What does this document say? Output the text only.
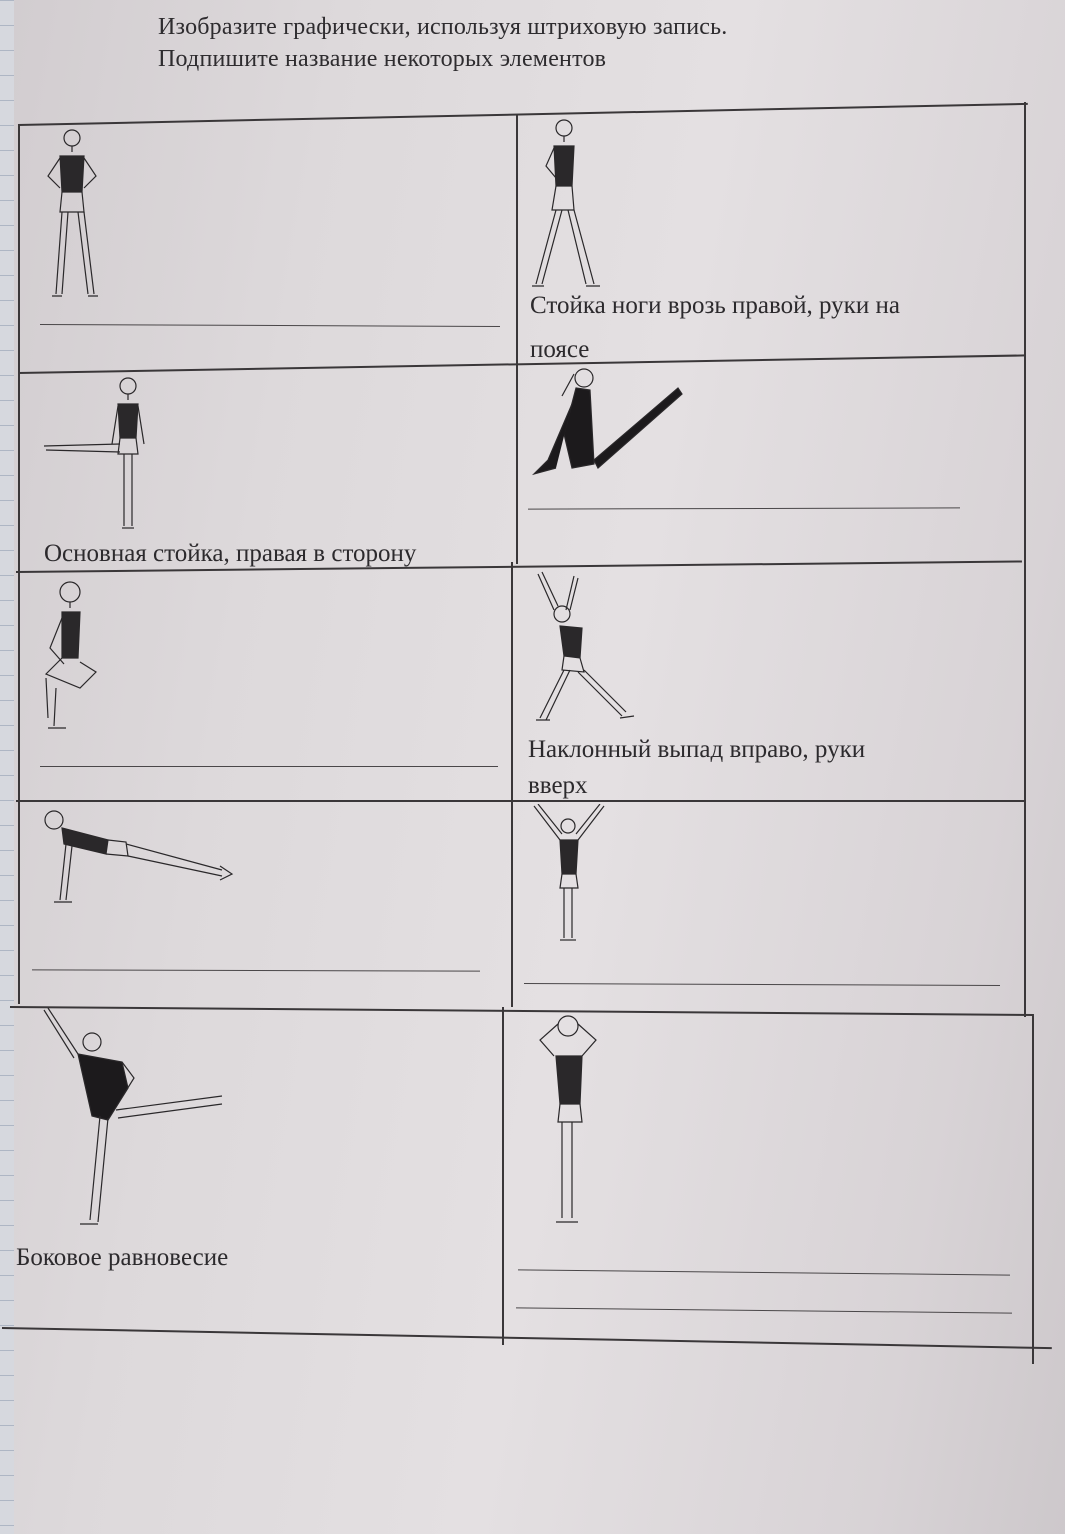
Изобразите графически, используя штриховую запись.
Подпишите название некоторых элементов
Стойка ноги врозь правой, руки на
поясе
Основная стойка, правая в сторону
Наклонный выпад вправо, руки
вверх
Боковое равновесие
